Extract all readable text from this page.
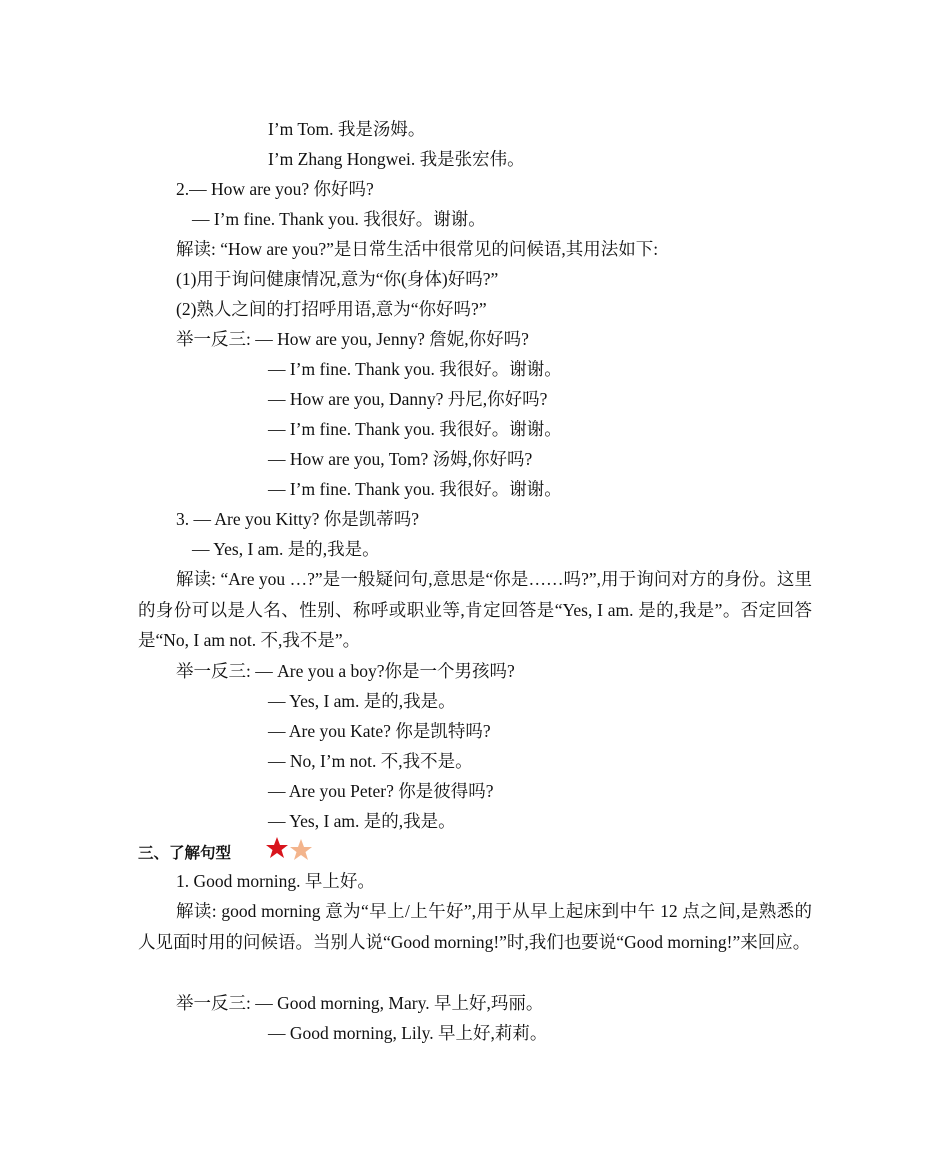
I’m Tom. 我是汤姆。
I’m Zhang Hongwei. 我是张宏伟。
2.— How are you? 你好吗?
— I’m fine. Thank you. 我很好。谢谢。
解读: “How are you?”是日常生活中很常见的问候语,其用法如下:
(1)用于询问健康情况,意为“你(身体)好吗?”
(2)熟人之间的打招呼用语,意为“你好吗?”
举一反三: — How are you, Jenny? 詹妮,你好吗?
— I’m fine. Thank you. 我很好。谢谢。
— How are you, Danny? 丹尼,你好吗?
— I’m fine. Thank you. 我很好。谢谢。
— How are you, Tom? 汤姆,你好吗?
— I’m fine. Thank you. 我很好。谢谢。
3. — Are you Kitty? 你是凯蒂吗?
— Yes, I am. 是的,我是。
解读: “Are you …?”是一般疑问句,意思是“你是……吗?”,用于询问对方的身份。这里的身份可以是人名、性别、称呼或职业等,肯定回答是“Yes, I am. 是的,我是”。否定回答是“No, I am not. 不,我不是”。
举一反三: — Are you a boy?你是一个男孩吗?
— Yes, I am. 是的,我是。
— Are you Kate? 你是凯特吗?
— No, I’m not. 不,我不是。
— Are you Peter? 你是彼得吗?
— Yes, I am. 是的,我是。
三、了解句型
1. Good morning. 早上好。
解读: good morning 意为“早上/上午好”,用于从早上起床到中午 12 点之间,是熟悉的人见面时用的问候语。当别人说“Good morning!”时,我们也要说“Good morning!”来回应。
举一反三: — Good morning, Mary. 早上好,玛丽。
— Good morning, Lily. 早上好,莉莉。
